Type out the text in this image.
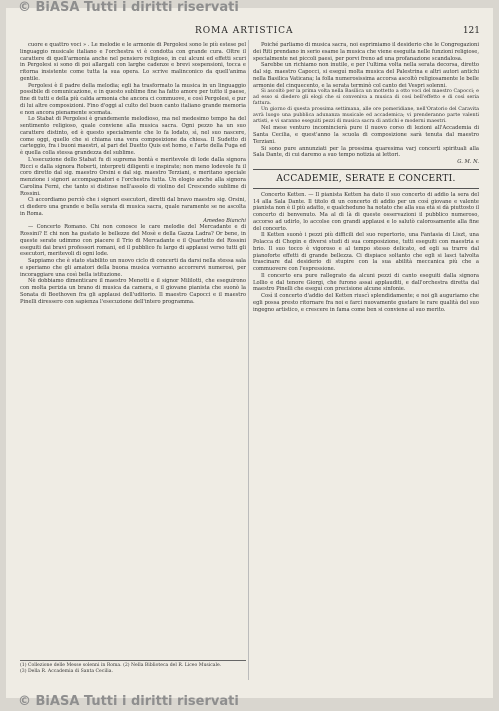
© BiASA Tutti i diritti riservati
ROMA ARTISTICA	121

cuore e quattro voci » . Le melodie e le armonie di Pergolesi sono le più estese pel linguaggio musicale italiano e l'orchestra vi è condotta con grande cura. Oltre il carattere di quell'armonia anche nel pensiero religioso, in cui alcuni ed effetti scuri in Pergolesi si sono di poi allargati con larghe cadenze e brevi sospensioni, tocca e ritorna insistente come tutta la sua opera. Lo scrive malinconico da quell'anima gentile.

Pergolesi è il padre della melodia; egli ha trasformato la musica in un linguaggio possibile di comunicazione, e in questo sublime fine ha fatto amore per tutto il paese, fine di tutti e della più calda armonia che ancora ci commuove, e così Pergolesi, e pur di lui altre composizioni. Fino d'oggi al culto del buon canto italiano grande memoria e non ancora pienamente scemata.

Lo Stabat di Pergolesi è grandemente melodioso, ma nel medesimo tempo ha del sentimento religioso, quale conviene alla musica sacra. Ogni pezzo ha un suo carattere distinto, ed è questo specialmente che lo fa lodato, sì, nel suo nascere, come oggi, quello che si chiama una vera composizione da chiesa. Il Sudetto di carteggio, fra i buoni maestri, al pari del Duetto Quis est homo, e l'arte della Fuga ed è quella colla stessa grandezza del sublime.

L'esecuzione dello Stabat fu di suprema bontà e meritevole di lode dalla signora Ricci e dalla signora Roberti, interpreti diligenti e inspirate; non meno lodevole fu il coro diretto dal sig. maestro Orsini e dal sig. maestro Terziani, e meritano speciale menzione i signori accompagnatori e l'orchestra tutta. Un elogio anche alla signora Carolina Ferni, che tanto si distinse nell'assolo di violino del Crescendo sublime di Rossini.

Ci accordiamo perciò che i signori esecutori, diretti dal bravo maestro sig. Orsini, ci diedero una grande e bella serata di musica sacra, quale raramente se ne ascolta in Roma.

Amedeo Bianchi

— Concerto Romano. Chi non conosce le care melodie del Mercadante e di Rossini? E chi non ha gustato le bellezze del Mosè e della Gazza Ladra? Or bene, in queste serate udimmo con piacere il Trio di Mercadante e il Quartetto del Rossini eseguiti dai bravi professori romani, ed il pubblico fu largo di applausi verso tutti gli esecutori, meritevoli di ogni lode.

Sappiamo che è stato stabilito un nuovo ciclo di concerti da darsi nella stessa sala e speriamo che gli amatori della buona musica vorranno accorrervi numerosi, per incoraggiare una così bella istituzione.

Nè dobbiamo dimenticare il maestro Menotti e il signor Mililotti, che eseguirono con molta perizia un brano di musica da camera, e il giovane pianista che suonò la Sonata di Beethoven fra gli applausi dell'uditorio. Il maestro Capocci e il maestro Pinelli diressero con sapienza l'esecuzione dell'intero programma.

(1) Collezione delle Messe solenni in Roma. (2) Nella Biblioteca del R. Liceo Musicale.
(3) Della R. Accademia di Santa Cecilia.

Poiché parliamo di musica sacra, noi esprimiamo il desiderio che le Congregazioni dei Riti prendano in serio esame la musica che viene eseguita nelle funzioni religiose, specialmente nei piccoli paesi, per porvi freno ad una profanazione scandalosa.

Sarebbe un richiamo non inutile, e per l'ultima volta nella serata decorsa, diretto dal sig. maestro Capocci, si eseguì molta musica del Palestrina e altri autori antichi nella Basilica Vaticana; la folla numerosissima accorsa ascoltò religiosamente le belle armonie del cinquecento, e la serata terminò col canto dei Vespri solenni.

Si ascoltò per la prima volta nella Basilica un mottetto a otto voci del maestro Capocci; e ad esso si diedero gli elogi che si conveniva a musica di così bell'effetto e di così seria fattura.

Un giorno di questa prossima settimana, alle ore pomeridiane, nell'Oratorio del Caravita avrà luogo una pubblica adunanza musicale ed accademica; vi prenderanno parte valenti artisti, e vi saranno eseguiti pezzi di musica sacra di antichi e moderni maestri.

Nel mese venturo incomincierà pure il nuovo corso di lezioni all'Accademia di Santa Cecilia, e quest'anno la scuola di composizione sarà tenuta dal maestro Terziani.

Si sono pure annunziati per la prossima quaresima varj concerti spirituali alla Sala Dante, di cui daremo a suo tempo notizia ai lettori.

G. M. N.
ACCADEMIE, SERATE E CONCERTI.

Concerto Ketten. — Il pianista Ketten ha dato il suo concerto di addio la sera del 14 alla Sala Dante. Il titolo di un concerto di addio per un così giovane e valente pianista non è il più adatto, e qualcheduno ha notato che alla sua età si dà piuttosto il concerto di benvenuto. Ma al di là di queste osservazioni il pubblico numeroso, accorso ad udirlo, lo accolse con grandi applausi e lo salutò calorosamente alla fine del concerto.

Il Ketten suonò i pezzi più difficili del suo repertorio, una Fantasia di Liszt, una Polacca di Chopin e diversi studi di sua composizione, tutti eseguiti con maestria e brio. Il suo tocco è vigoroso e al tempo stesso delicato, ed egli sa trarre dal pianoforte effetti di grande bellezza. Ci dispiace soltanto che egli si lasci talvolta trascinare dal desiderio di stupire con la sua abilità meccanica più che a commuovere con l'espressione.

Il concerto era pure rallegrato da alcuni pezzi di canto eseguiti dalla signora Lollio e dal tenore Giorgi, che furono assai applauditi, e dall'orchestra diretta dal maestro Pinelli che eseguì con precisione alcune sinfonie.

Così il concerto d'addio del Ketten riuscì splendidamente; e noi gli auguriamo che egli possa presto ritornare fra noi e farci nuovamente gustare le rare qualità del suo ingegno artistico, e crescere in fama come ben si conviene al suo merito.

© BiASA Tutti i diritti riservati
